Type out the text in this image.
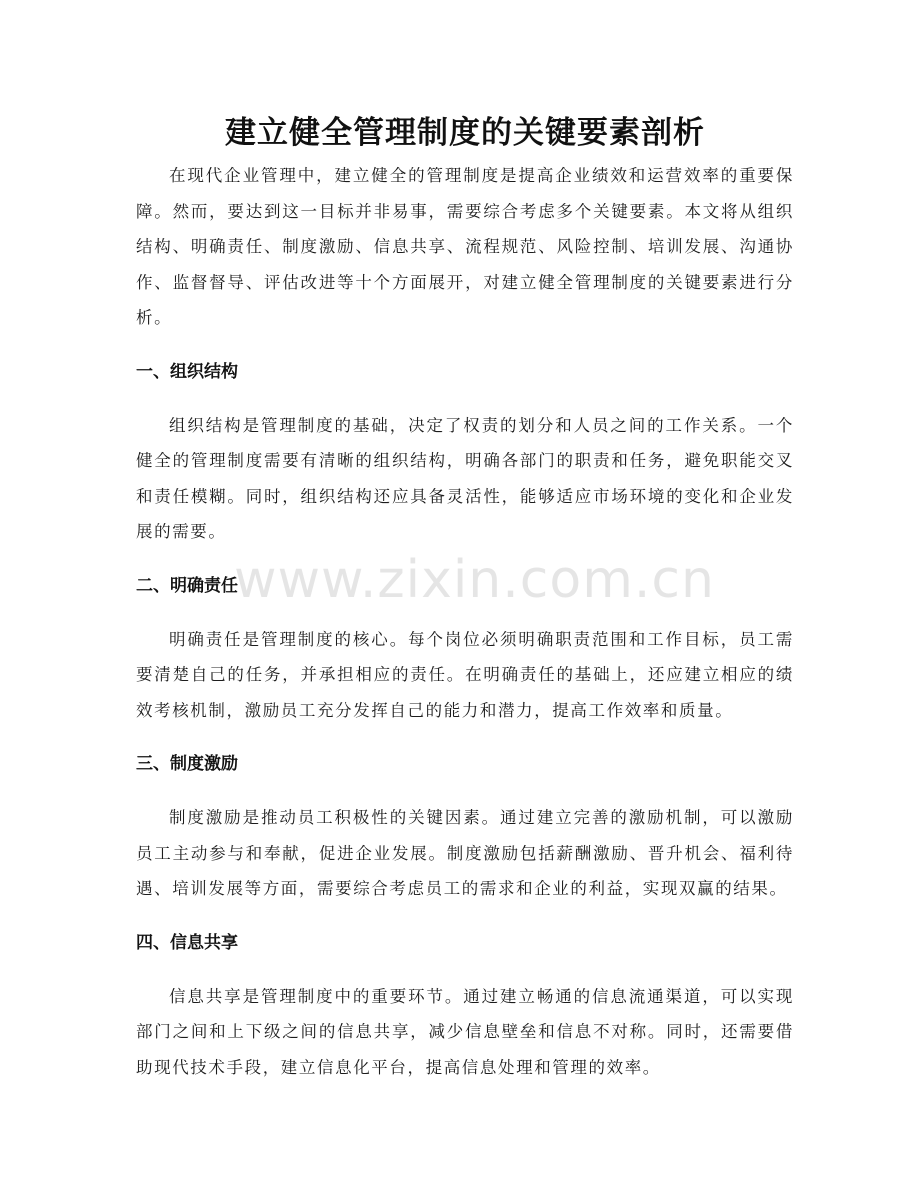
建立健全管理制度的关键要素剖析

在现代企业管理中，建立健全的管理制度是提高企业绩效和运营效率的重要保障。然而，要达到这一目标并非易事，需要综合考虑多个关键要素。本文将从组织结构、明确责任、制度激励、信息共享、流程规范、风险控制、培训发展、沟通协作、监督督导、评估改进等十个方面展开，对建立健全管理制度的关键要素进行分析。

一、组织结构

组织结构是管理制度的基础，决定了权责的划分和人员之间的工作关系。一个健全的管理制度需要有清晰的组织结构，明确各部门的职责和任务，避免职能交叉和责任模糊。同时，组织结构还应具备灵活性，能够适应市场环境的变化和企业发展的需要。

二、明确责任

明确责任是管理制度的核心。每个岗位必须明确职责范围和工作目标，员工需要清楚自己的任务，并承担相应的责任。在明确责任的基础上，还应建立相应的绩效考核机制，激励员工充分发挥自己的能力和潜力，提高工作效率和质量。

三、制度激励

制度激励是推动员工积极性的关键因素。通过建立完善的激励机制，可以激励员工主动参与和奉献，促进企业发展。制度激励包括薪酬激励、晋升机会、福利待遇、培训发展等方面，需要综合考虑员工的需求和企业的利益，实现双赢的结果。

四、信息共享

信息共享是管理制度中的重要环节。通过建立畅通的信息流通渠道，可以实现部门之间和上下级之间的信息共享，减少信息壁垒和信息不对称。同时，还需要借助现代技术手段，建立信息化平台，提高信息处理和管理的效率。

www.zixin.com.cn
